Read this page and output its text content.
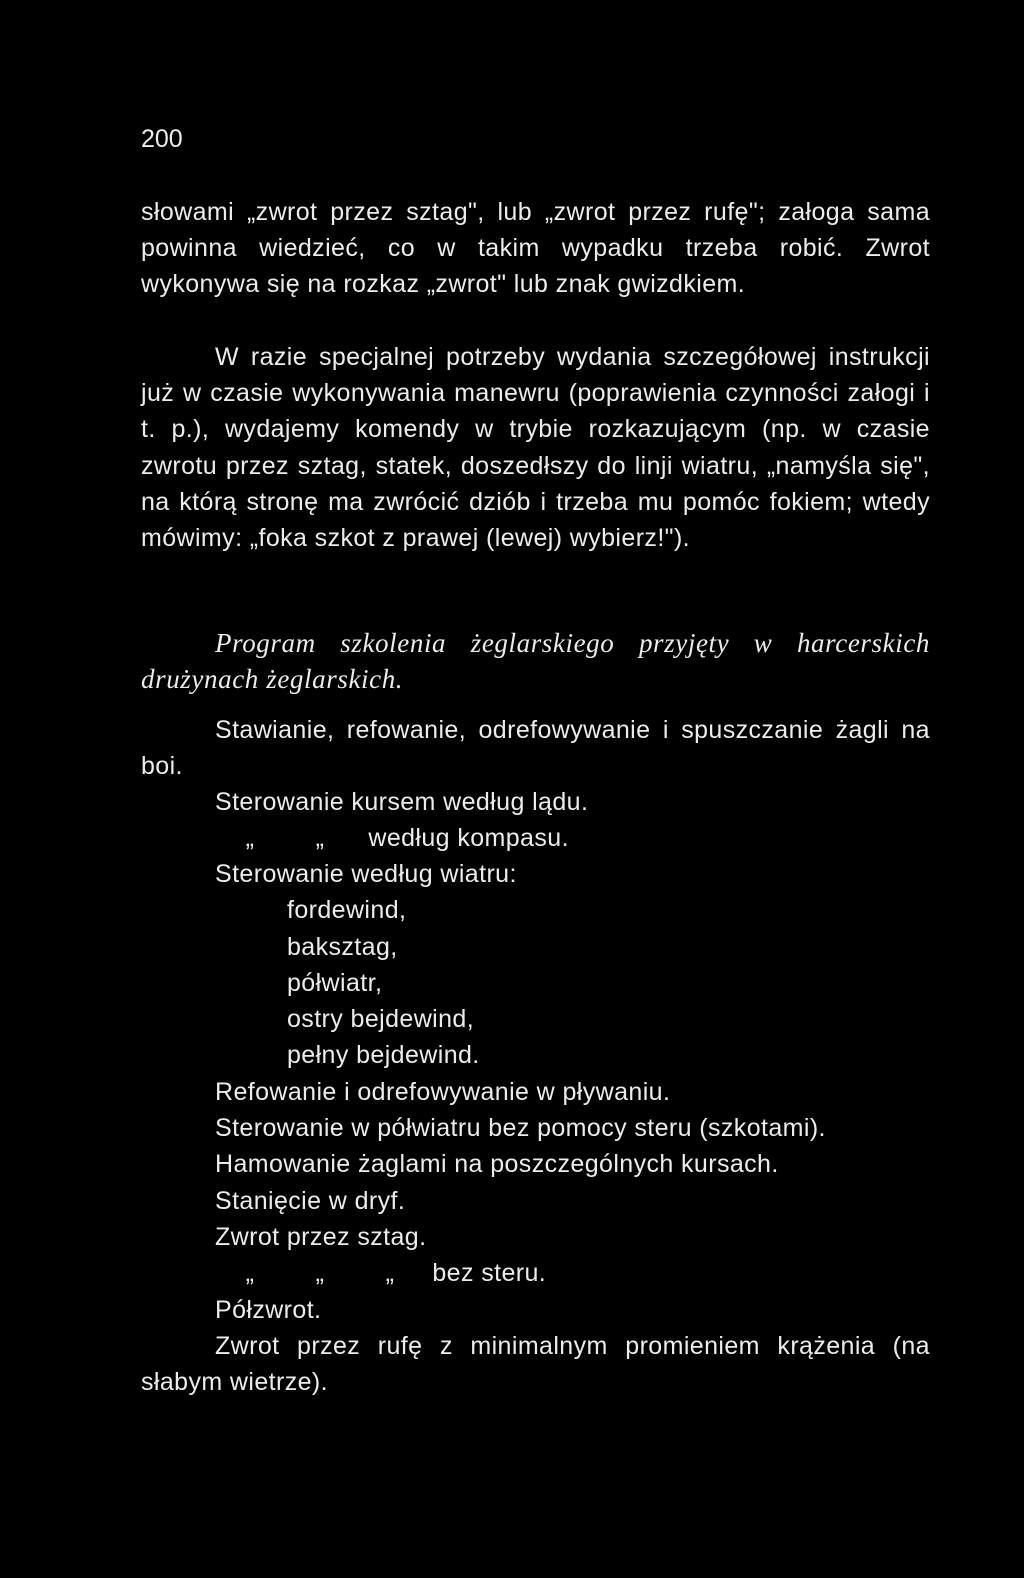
200
słowami „zwrot przez sztag", lub „zwrot przez rufę"; załoga sama powinna wiedzieć, co w takim wypadku trzeba robić. Zwrot wykonywa się na rozkaz „zwrot" lub znak gwizdkiem.
W razie specjalnej potrzeby wydania szczegółowej instrukcji już w czasie wykonywania manewru (poprawienia czynności załogi i t. p.), wydajemy komendy w trybie rozkazującym (np. w czasie zwrotu przez sztag, statek, doszedłszy do linji wiatru, „namyśla się", na którą stronę ma zwrócić dziób i trzeba mu pomóc fokiem; wtedy mówimy: „foka szkot z prawej (lewej) wybierz!").
Program szkolenia żeglarskiego przyjęty w harcerskich drużynach żeglarskich.
Stawianie, refowanie, odrefowywanie i spuszczanie żagli na boi.
Sterowanie kursem według lądu.
„ „ według kompasu.
Sterowanie według wiatru:
fordewind,
baksztag,
półwiatr,
ostry bejdewind,
pełny bejdewind.
Refowanie i odrefowywanie w pływaniu.
Sterowanie w półwiatru bez pomocy steru (szkotami).
Hamowanie żaglami na poszczególnych kursach.
Stanięcie w dryf.
Zwrot przez sztag.
„ „ „ bez steru.
Półzwrot.
Zwrot przez rufę z minimalnym promieniem krążenia (na słabym wietrze).
